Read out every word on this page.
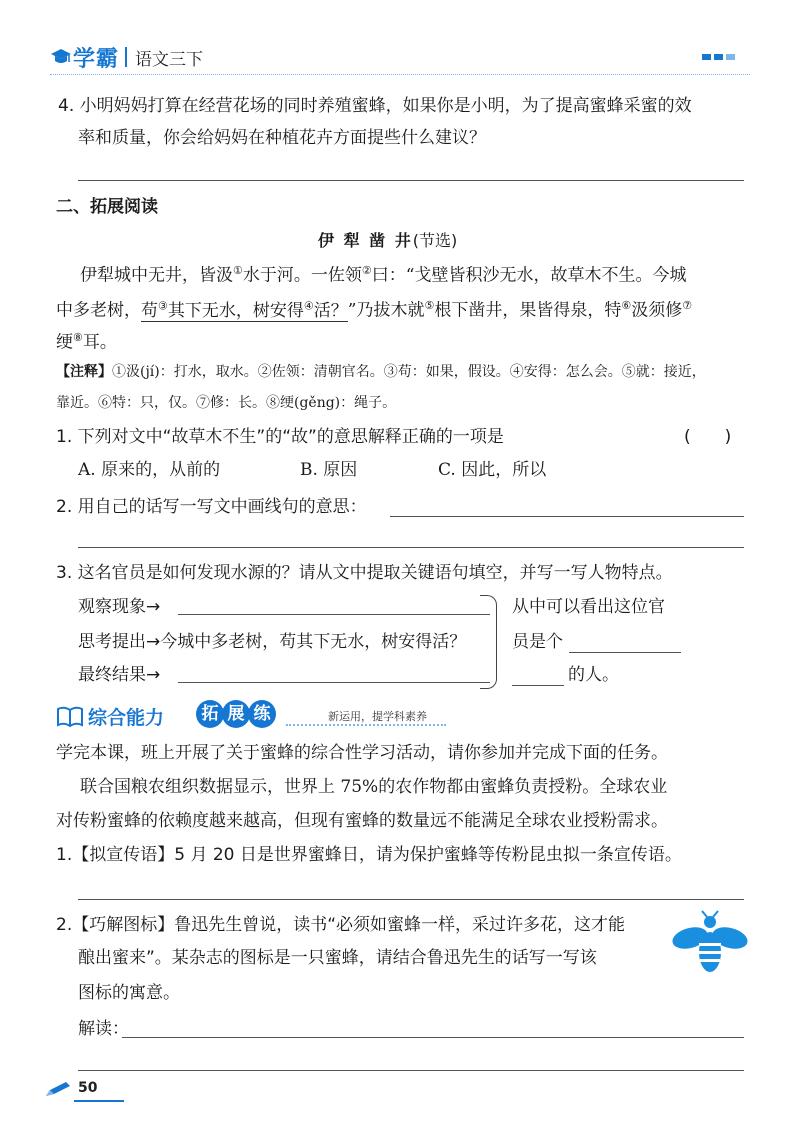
学霸 语文三下
4. 小明妈妈打算在经营花场的同时养殖蜜蜂，如果你是小明，为了提高蜜蜂采蜜的效
率和质量，你会给妈妈在种植花卉方面提些什么建议？
二、拓展阅读
伊 犁 凿 井(节选)
伊犁城中无井，皆汲①水于河。一佐领②曰：“戈壁皆积沙无水，故草木不生。今城
中多老树，苟③其下无水，树安得④活？”乃拔木就⑤根下凿井，果皆得泉，特⑥汲须修⑦
绠⑧耳。
【注释】①汲(jí)：打水，取水。②佐领：清朝官名。③苟：如果，假设。④安得：怎么会。⑤就：接近，
靠近。⑥特：只，仅。⑦修：长。⑧绠(gěng)：绳子。
1. 下列对文中“故草木不生”的“故”的意思解释正确的一项是	(　　)
A. 原来的，从前的	B. 原因	C. 因此，所以
2. 用自己的话写一写文中画线句的意思：
3. 这名官员是如何发现水源的？请从文中提取关键语句填空，并写一写人物特点。
观察现象→
思考提出→今城中多老树，苟其下无水，树安得活？
最终结果→
从中可以看出这位官
员是个
的人。
综合能力	拓 展 练	新运用，提学科素养
学完本课，班上开展了关于蜜蜂的综合性学习活动，请你参加并完成下面的任务。
联合国粮农组织数据显示，世界上 75%的农作物都由蜜蜂负责授粉。全球农业
对传粉蜜蜂的依赖度越来越高，但现有蜜蜂的数量远不能满足全球农业授粉需求。
1.【拟宣传语】5 月 20 日是世界蜜蜂日，请为保护蜜蜂等传粉昆虫拟一条宣传语。
2.【巧解图标】鲁迅先生曾说，读书“必须如蜜蜂一样，采过许多花，这才能
酿出蜜来”。某杂志的图标是一只蜜蜂，请结合鲁迅先生的话写一写该
图标的寓意。
解读：
50
